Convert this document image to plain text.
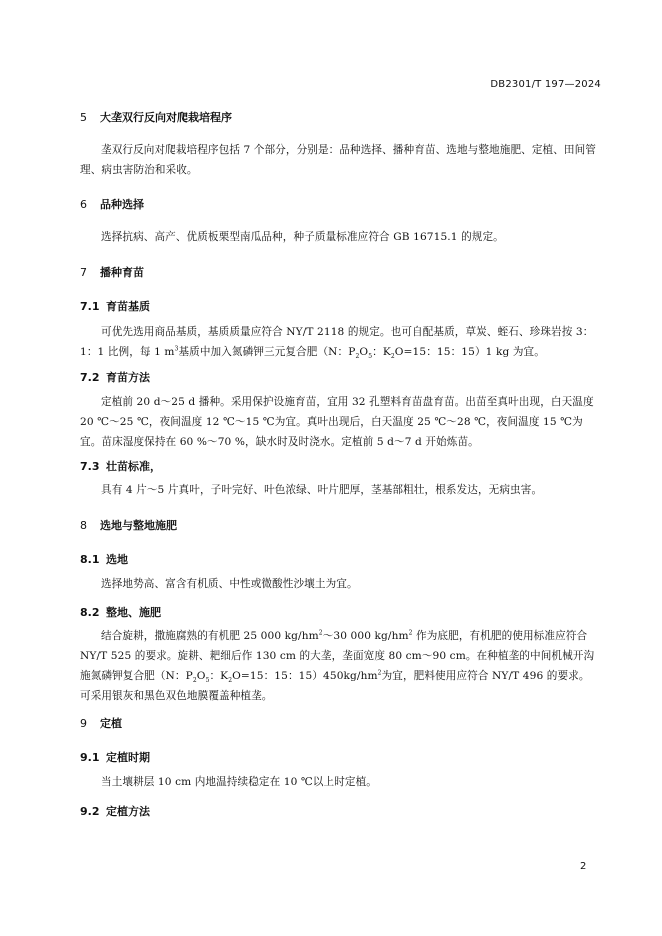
DB2301/T 197—2024
5 大垄双行反向对爬栽培程序
垄双行反向对爬栽培程序包括 7 个部分，分别是：品种选择、播种育苗、选地与整地施肥、定植、田间管理、病虫害防治和采收。
6 品种选择
选择抗病、高产、优质板栗型南瓜品种，种子质量标准应符合 GB 16715.1 的规定。
7 播种育苗
7.1 育苗基质
可优先选用商品基质，基质质量应符合 NY/T 2118 的规定。也可自配基质，草炭、蛭石、珍珠岩按 3：1：1 比例，每 1 $m^3$基质中加入氮磷钾三元复合肥（N：$P_2O_5$：$K_2O=15$：15：15）1 kg 为宜。
7.2 育苗方法
定植前 20 d～25 d 播种。采用保护设施育苗，宜用 32 孔塑料育苗盘育苗。出苗至真叶出现，白天温度 20 ℃～25 ℃，夜间温度 12 ℃～15 ℃为宜。真叶出现后，白天温度 25 ℃～28 ℃，夜间温度 15 ℃为宜。苗床湿度保持在 60 %～70 %，缺水时及时浇水。定植前 5 d～7 d 开始炼苗。
7.3 壮苗标准，
具有 4 片～5 片真叶，子叶完好、叶色浓绿、叶片肥厚，茎基部粗壮，根系发达，无病虫害。
8 选地与整地施肥
8.1 选地
选择地势高、富含有机质、中性或微酸性沙壤土为宜。
8.2 整地、施肥
结合旋耕，撒施腐熟的有机肥 25 000 $kg/hm^2\sim 30$ 000 $kg/hm^2$ 作为底肥，有机肥的使用标准应符合 NY/T 525 的要求。旋耕、耙细后作 130 cm 的大垄，垄面宽度 80 cm～90 cm。在种植垄的中间机械开沟施氮磷钾复合肥（N：$P_2O_5$：$K_2O=15$：15：$15)450kg/hm^2$为宜，肥料使用应符合 NY/T 496 的要求。可采用银灰和黑色双色地膜覆盖种植垄。
9 定植
9.1 定植时期
当土壤耕层 10 cm 内地温持续稳定在 10 ℃以上时定植。
9.2 定植方法
2
